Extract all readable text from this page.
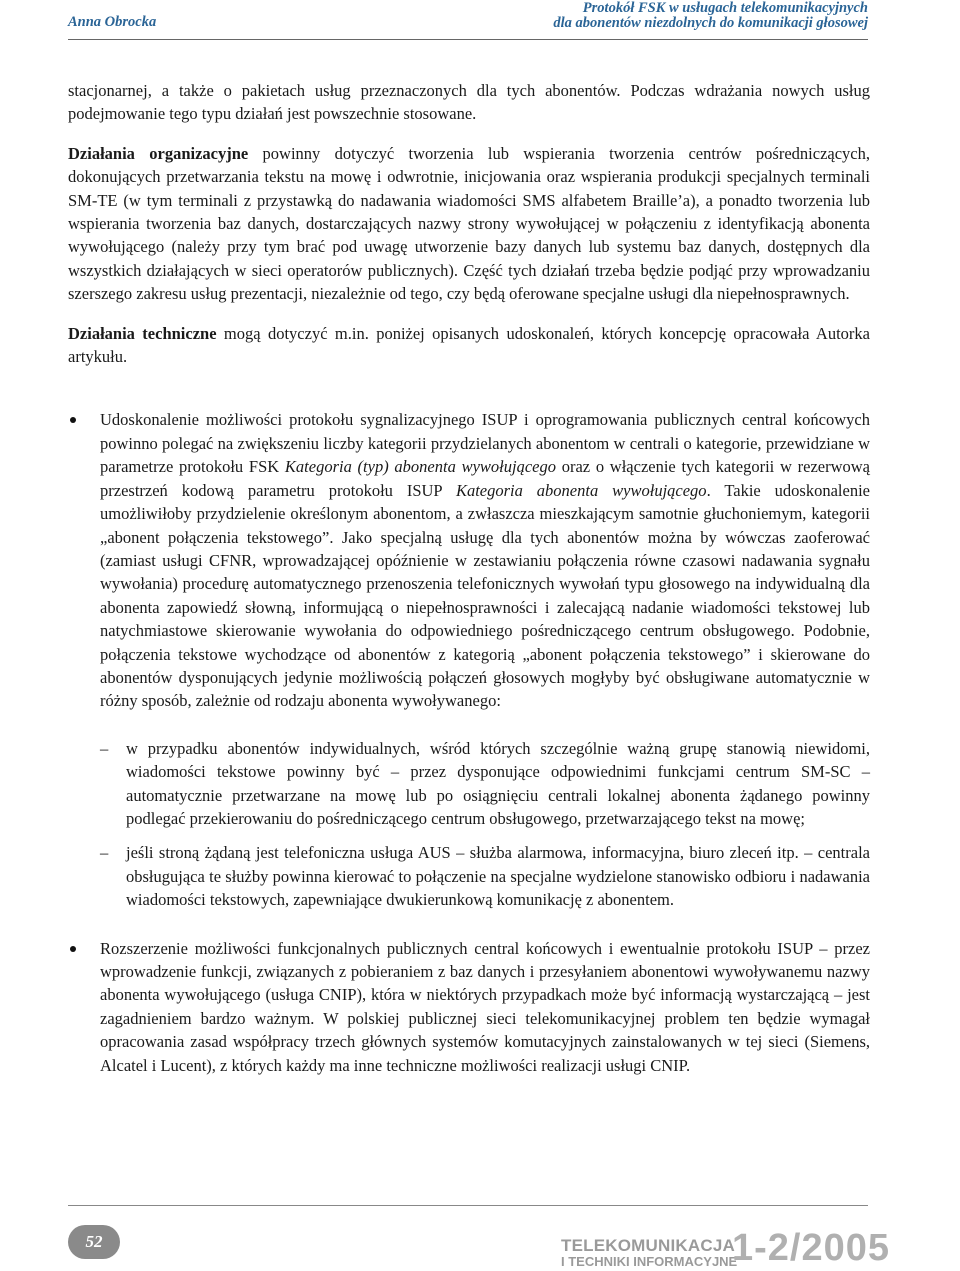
Anna Obrocka
Protokół FSK w usługach telekomunikacyjnych
dla abonentów niezdolnych do komunikacji głosowej

stacjonarnej, a także o pakietach usług przeznaczonych dla tych abonentów. Podczas wdrażania nowych usług podejmowanie tego typu działań jest powszechnie stosowane.

Działania organizacyjne powinny dotyczyć tworzenia lub wspierania tworzenia centrów pośredniczących, dokonujących przetwarzania tekstu na mowę i odwrotnie, inicjowania oraz wspierania produkcji specjalnych terminali SM-TE (w tym terminali z przystawką do nadawania wiadomości SMS alfabetem Braille’a), a ponadto tworzenia lub wspierania tworzenia baz danych, dostarczających nazwy strony wywołującej w połączeniu z identyfikacją abonenta wywołującego (należy przy tym brać pod uwagę utworzenie bazy danych lub systemu baz danych, dostępnych dla wszystkich działających w sieci operatorów publicznych). Część tych działań trzeba będzie podjąć przy wprowadzaniu szerszego zakresu usług prezentacji, niezależnie od tego, czy będą oferowane specjalne usługi dla niepełnosprawnych.

Działania techniczne mogą dotyczyć m.in. poniżej opisanych udoskonaleń, których koncepcję opracowała Autorka artykułu.

Udoskonalenie możliwości protokołu sygnalizacyjnego ISUP i oprogramowania publicznych central końcowych powinno polegać na zwiększeniu liczby kategorii przydzielanych abonentom w centrali o kategorie, przewidziane w parametrze protokołu FSK Kategoria (typ) abonenta wywołującego oraz o włączenie tych kategorii w rezerwową przestrzeń kodową parametru protokołu ISUP Kategoria abonenta wywołującego. Takie udoskonalenie umożliwiłoby przydzielenie określonym abonentom, a zwłaszcza mieszkającym samotnie głuchoniemym, kategorii „abonent połączenia tekstowego”. Jako specjalną usługę dla tych abonentów można by wówczas zaoferować (zamiast usługi CFNR, wprowadzającej opóźnienie w zestawianiu połączenia równe czasowi nadawania sygnału wywołania) procedurę automatycznego przenoszenia telefonicznych wywołań typu głosowego na indywidualną dla abonenta zapowiedź słowną, informującą o niepełnosprawności i zalecającą nadanie wiadomości tekstowej lub natychmiastowe skierowanie wywołania do odpowiedniego pośredniczącego centrum obsługowego. Podobnie, połączenia tekstowe wychodzące od abonentów z kategorią „abonent połączenia tekstowego” i skierowane do abonentów dysponujących jedynie możliwością połączeń głosowych mogłyby być obsługiwane automatycznie w różny sposób, zależnie od rodzaju abonenta wywoływanego:
– w przypadku abonentów indywidualnych, wśród których szczególnie ważną grupę stanowią niewidomi, wiadomości tekstowe powinny być – przez dysponujące odpowiednimi funkcjami centrum SM-SC – automatycznie przetwarzane na mowę lub po osiągnięciu centrali lokalnej abonenta żądanego powinny podlegać przekierowaniu do pośredniczącego centrum obsługowego, przetwarzającego tekst na mowę;
– jeśli stroną żądaną jest telefoniczna usługa AUS – służba alarmowa, informacyjna, biuro zleceń itp. – centrala obsługująca te służby powinna kierować to połączenie na specjalne wydzielone stanowisko odbioru i nadawania wiadomości tekstowych, zapewniające dwukierunkową komunikację z abonentem.
Rozszerzenie możliwości funkcjonalnych publicznych central końcowych i ewentualnie protokołu ISUP – przez wprowadzenie funkcji, związanych z pobieraniem z baz danych i przesyłaniem abonentowi wywoływanemu nazwy abonenta wywołującego (usługa CNIP), która w niektórych przypadkach może być informacją wystarczającą – jest zagadnieniem bardzo ważnym. W polskiej publicznej sieci telekomunikacyjnej problem ten będzie wymagał opracowania zasad współpracy trzech głównych systemów komutacyjnych zainstalowanych w tej sieci (Siemens, Alcatel i Lucent), z których każdy ma inne techniczne możliwości realizacji usługi CNIP.
52	TELEKOMUNIKACJA
I TECHNIKI INFORMACYJNE
1-2/2005
